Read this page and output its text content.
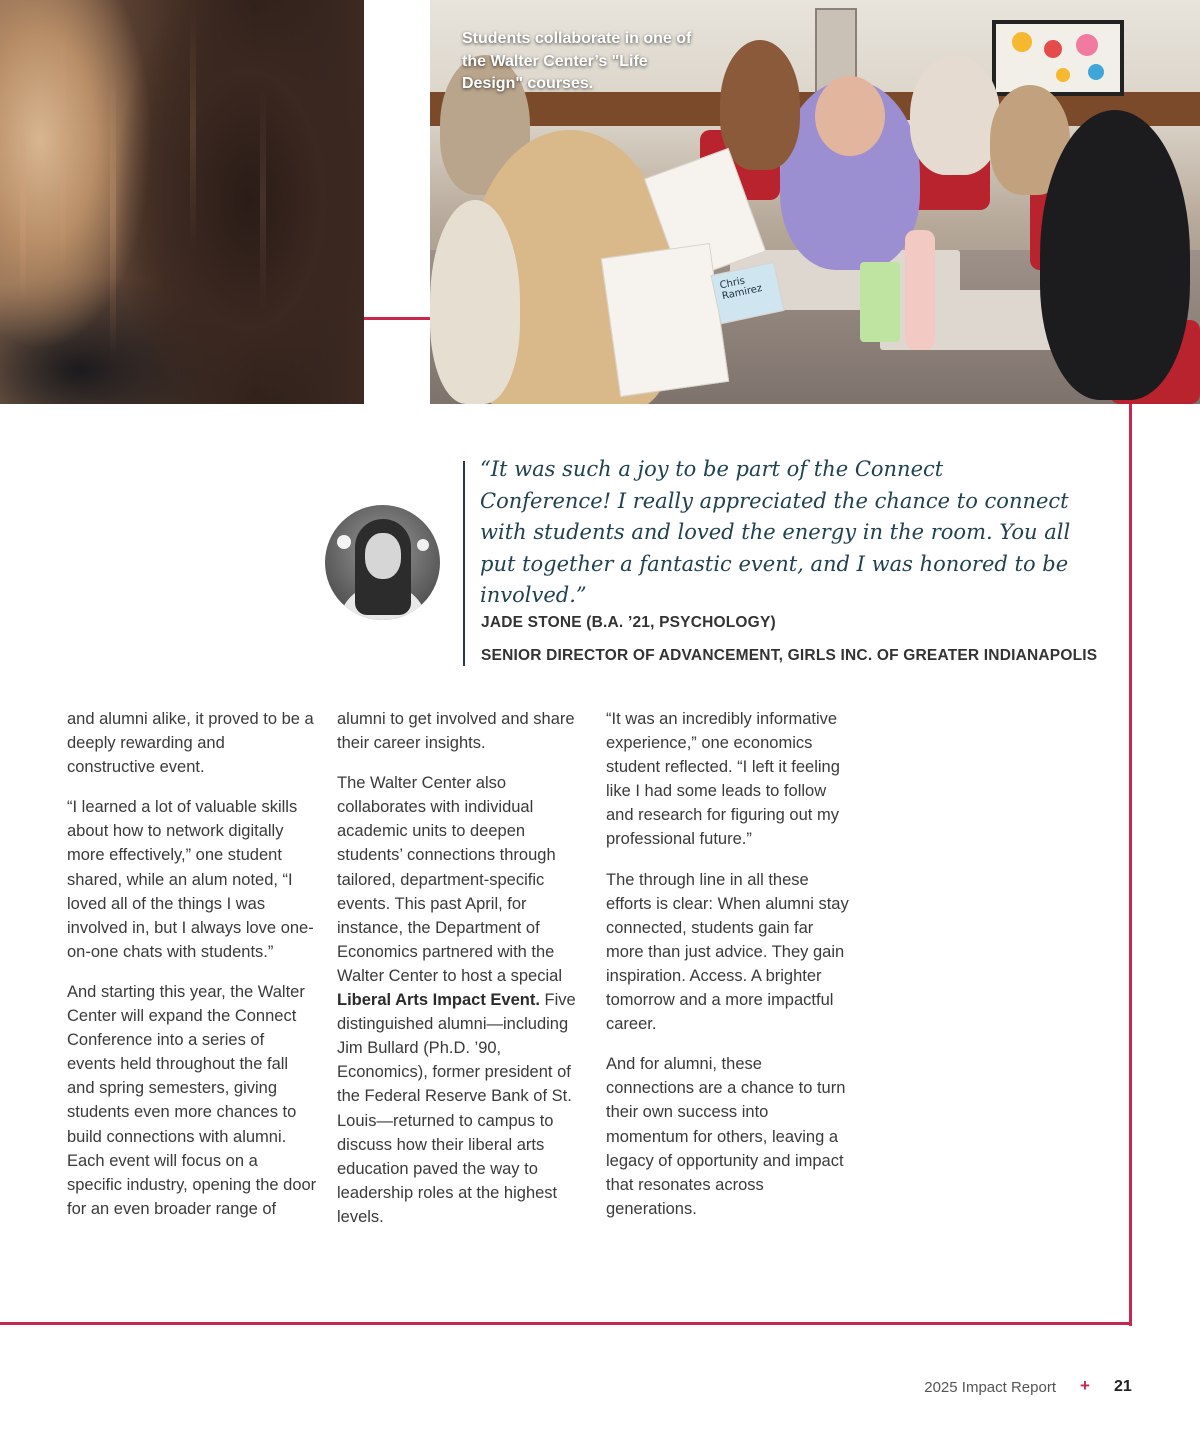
Chris Ramirez
Students collaborate in one of the Walter Center’s "Life Design" courses.
“It was such a joy to be part of the Connect Conference! I really appreciated the chance to connect with students and loved the energy in the room. You all put together a fantastic event, and I was honored to be involved.”
JADE STONE (B.A. ’21, PSYCHOLOGY)
SENIOR DIRECTOR OF ADVANCEMENT, GIRLS INC. OF GREATER INDIANAPOLIS

and alumni alike, it proved to be a deeply rewarding and constructive event.

“I learned a lot of valuable skills about how to network digitally more effectively,” one student shared, while an alum noted, “I loved all of the things I was involved in, but I always love one-on-one chats with students.”

And starting this year, the Walter Center will expand the Connect Conference into a series of events held throughout the fall and spring semesters, giving students even more chances to build connections with alumni. Each event will focus on a specific industry, opening the door for an even broader range of

alumni to get involved and share their career insights.

The Walter Center also collaborates with individual academic units to deepen students’ connections through tailored, department-specific events. This past April, for instance, the Department of Economics partnered with the Walter Center to host a special Liberal Arts Impact Event. Five distinguished alumni—including Jim Bullard (Ph.D. ’90, Economics), former president of the Federal Reserve Bank of St. Louis—returned to campus to discuss how their liberal arts education paved the way to leadership roles at the highest levels.

“It was an incredibly informative experience,” one economics student reflected. “I left it feeling like I had some leads to follow and research for figuring out my professional future.”

The through line in all these efforts is clear: When alumni stay connected, students gain far more than just advice. They gain inspiration. Access. A brighter tomorrow and a more impactful career.

And for alumni, these connections are a chance to turn their own success into momentum for others, leaving a legacy of opportunity and impact that resonates across generations.

2025 Impact Report + 21
